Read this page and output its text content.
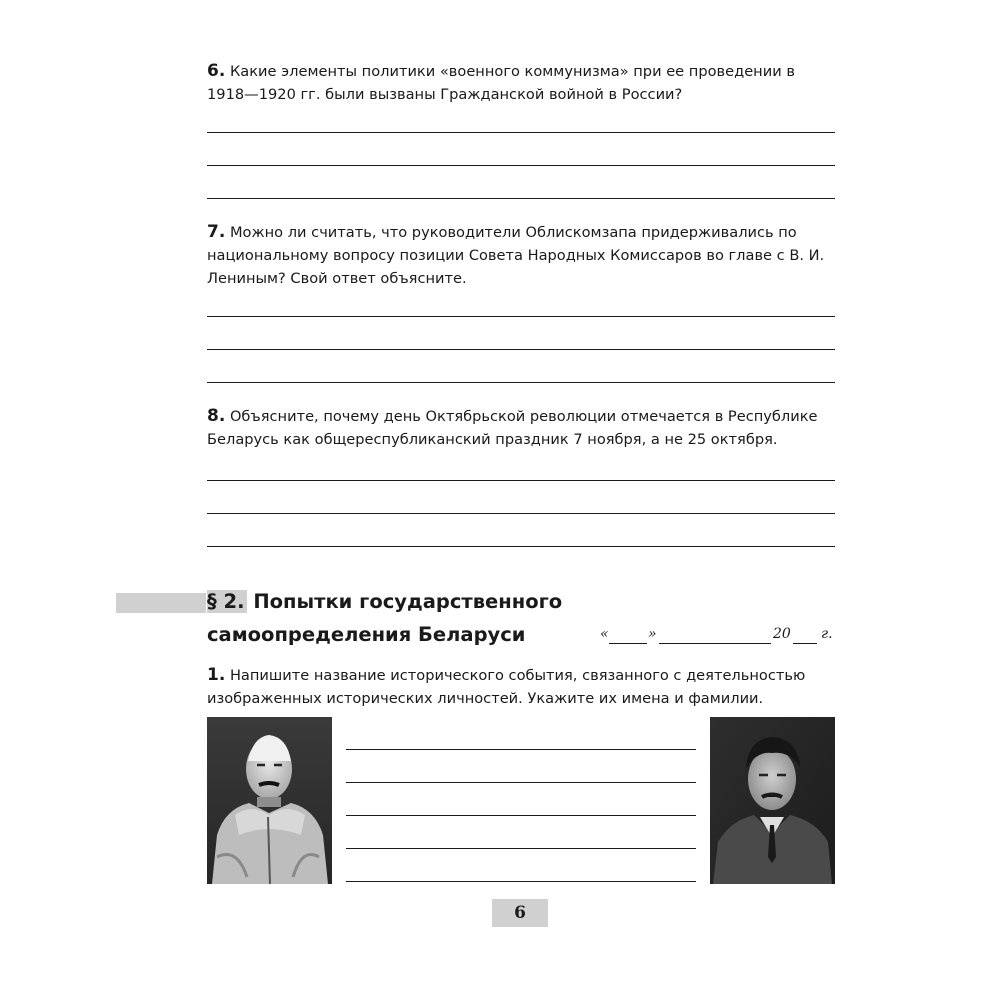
6. Какие элементы политики «военного коммунизма» при ее проведении в 1918—1920 гг. были вызваны Гражданской войной в России?
7. Можно ли считать, что руководители Облискомзапа придерживались по национальному вопросу позиции Совета Народных Комиссаров во главе с В. И. Лениным? Свой ответ объясните.
8. Объясните, почему день Октябрьской революции отмечается в Республике Беларусь как общереспубликанский праздник 7 ноября, а не 25 октября.
§ 2. Попытки государственного
самоопределения Беларуси	«	»	20 г.
1. Напишите название исторического события, связанного с деятельностью изображенных исторических личностей. Укажите их имена и фамилии.
6
